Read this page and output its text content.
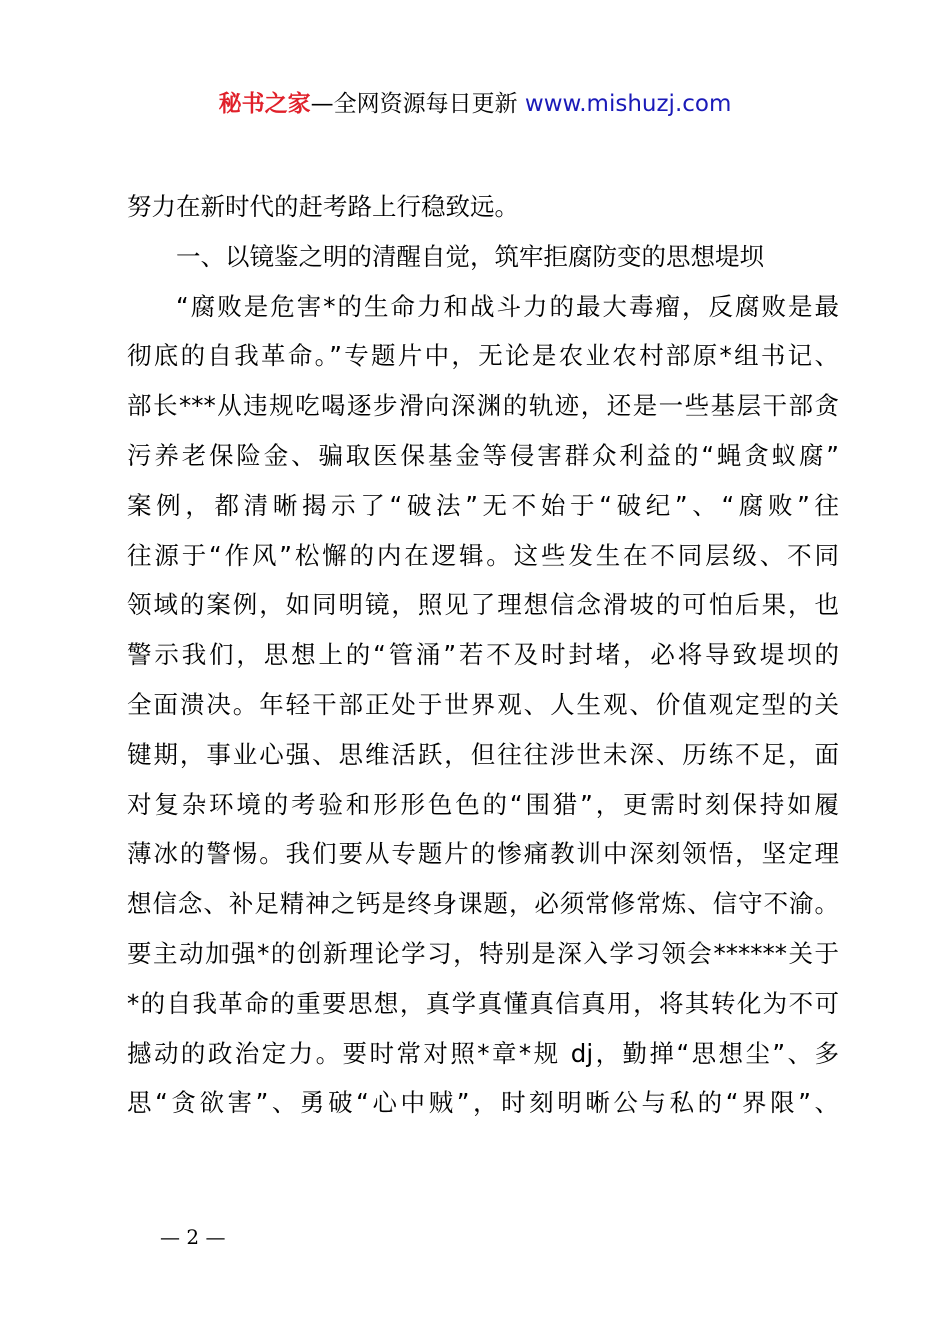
秘书之家—全网资源每日更新 www.mishuzj.com
努力在新时代的赶考路上行稳致远。
一、以镜鉴之明的清醒自觉，筑牢拒腐防变的思想堤坝
“腐败是危害*的生命力和战斗力的最大毒瘤，反腐败是最
彻底的自我革命。”专题片中，无论是农业农村部原*组书记、
部长***从违规吃喝逐步滑向深渊的轨迹，还是一些基层干部贪
污养老保险金、骗取医保基金等侵害群众利益的“蝇贪蚁腐”
案例，都清晰揭示了“破法”无不始于“破纪”、“腐败”往
往源于“作风”松懈的内在逻辑。这些发生在不同层级、不同
领域的案例，如同明镜，照见了理想信念滑坡的可怕后果，也
警示我们，思想上的“管涌”若不及时封堵，必将导致堤坝的
全面溃决。年轻干部正处于世界观、人生观、价值观定型的关
键期，事业心强、思维活跃，但往往涉世未深、历练不足，面
对复杂环境的考验和形形色色的“围猎”，更需时刻保持如履
薄冰的警惕。我们要从专题片的惨痛教训中深刻领悟，坚定理
想信念、补足精神之钙是终身课题，必须常修常炼、信守不渝。
要主动加强*的创新理论学习，特别是深入学习领会******关于
*的自我革命的重要思想，真学真懂真信真用，将其转化为不可
撼动的政治定力。要时常对照*章*规 dj，勤掸“思想尘”、多
思“贪欲害”、勇破“心中贼”，时刻明晰公与私的“界限”、
— 2 —
